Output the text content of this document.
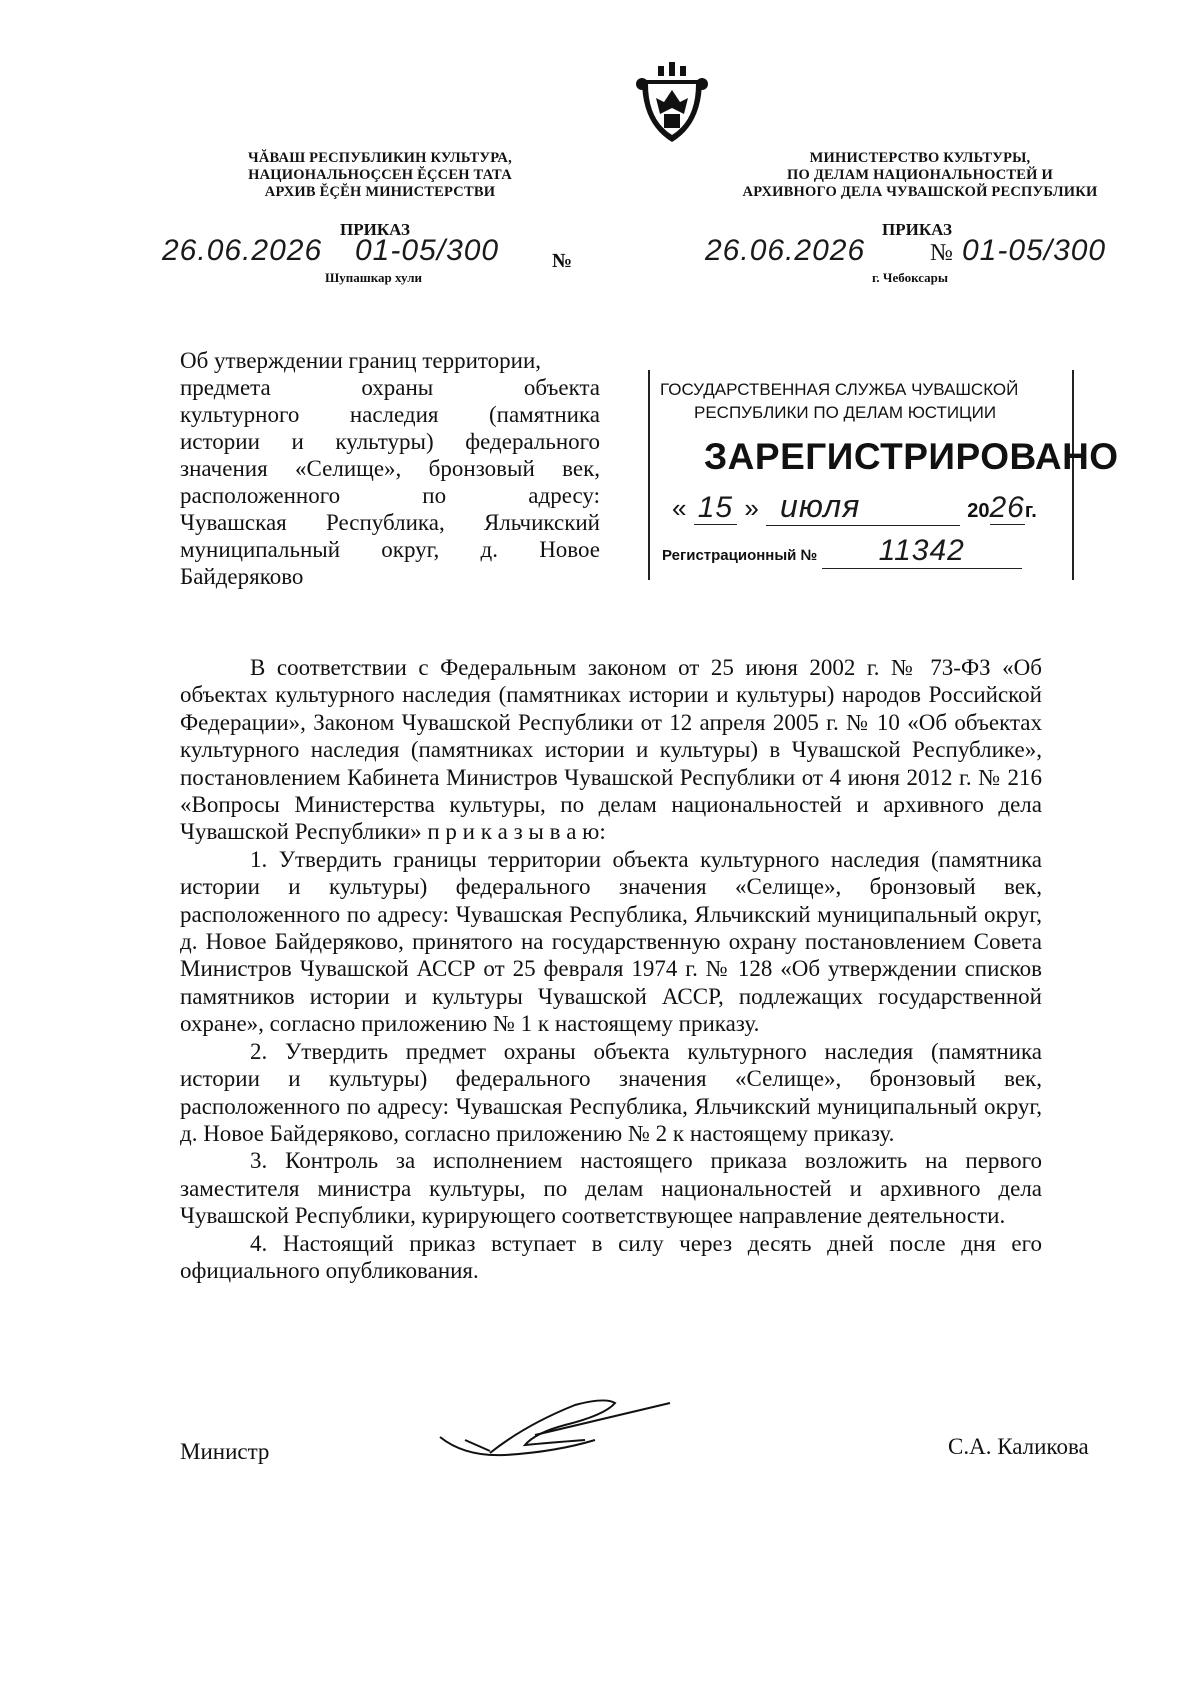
ЧĂВАШ РЕСПУБЛИКИН КУЛЬТУРА,
НАЦИОНАЛЬНОÇСЕН ĔÇСЕН ТАТА
АРХИВ ĔÇĔН МИНИСТЕРСТВИ
ПРИКАЗ
26.06.2026 01-05/300	№
Шупашкар хули
МИНИСТЕРСТВО КУЛЬТУРЫ,
ПО ДЕЛАМ НАЦИОНАЛЬНОСТЕЙ И
АРХИВНОГО ДЕЛА ЧУВАШСКОЙ РЕСПУБЛИКИ
ПРИКАЗ
26.06.2026	№ 01-05/300
г. Чебоксары
Об утверждении границ территории,
предмета охраны объекта
культурного наследия (памятника
истории и культуры) федерального
значения «Селище», бронзовый век,
расположенного по адресу:
Чувашская Республика, Яльчикский
муниципальный округ, д. Новое
Байдеряково
ГОСУДАРСТВЕННАЯ СЛУЖБА ЧУВАШСКОЙ
РЕСПУБЛИКИ ПО ДЕЛАМ ЮСТИЦИИ
ЗАРЕГИСТРИРОВАНО
« 15 » июля	2026г.
Регистрационный № 11342

В соответствии с Федеральным законом от 25 июня 2002 г. № 73-ФЗ «Об объектах культурного наследия (памятниках истории и культуры) народов Российской Федерации», Законом Чувашской Республики от 12 апреля 2005 г. № 10 «Об объектах культурного наследия (памятниках истории и культуры) в Чувашской Республике», постановлением Кабинета Министров Чувашской Республики от 4 июня 2012 г. № 216 «Вопросы Министерства культуры, по делам национальностей и архивного дела Чувашской Республики» п р и к а з ы в а ю:

1. Утвердить границы территории объекта культурного наследия (памятника истории и культуры) федерального значения «Селище», бронзовый век, расположенного по адресу: Чувашская Республика, Яльчикский муниципальный округ, д. Новое Байдеряково, принятого на государственную охрану постановлением Совета Министров Чувашской АССР от 25 февраля 1974 г. № 128 «Об утверждении списков памятников истории и культуры Чувашской АССР, подлежащих государственной охране», согласно приложению № 1 к настоящему приказу.

2. Утвердить предмет охраны объекта культурного наследия (памятника истории и культуры) федерального значения «Селище», бронзовый век, расположенного по адресу: Чувашская Республика, Яльчикский муниципальный округ, д. Новое Байдеряково, согласно приложению № 2 к настоящему приказу.

3. Контроль за исполнением настоящего приказа возложить на первого заместителя министра культуры, по делам национальностей и архивного дела Чувашской Республики, курирующего соответствующее направление деятельности.

4. Настоящий приказ вступает в силу через десять дней после дня его официального опубликования.

Министр	С.А. Каликова
